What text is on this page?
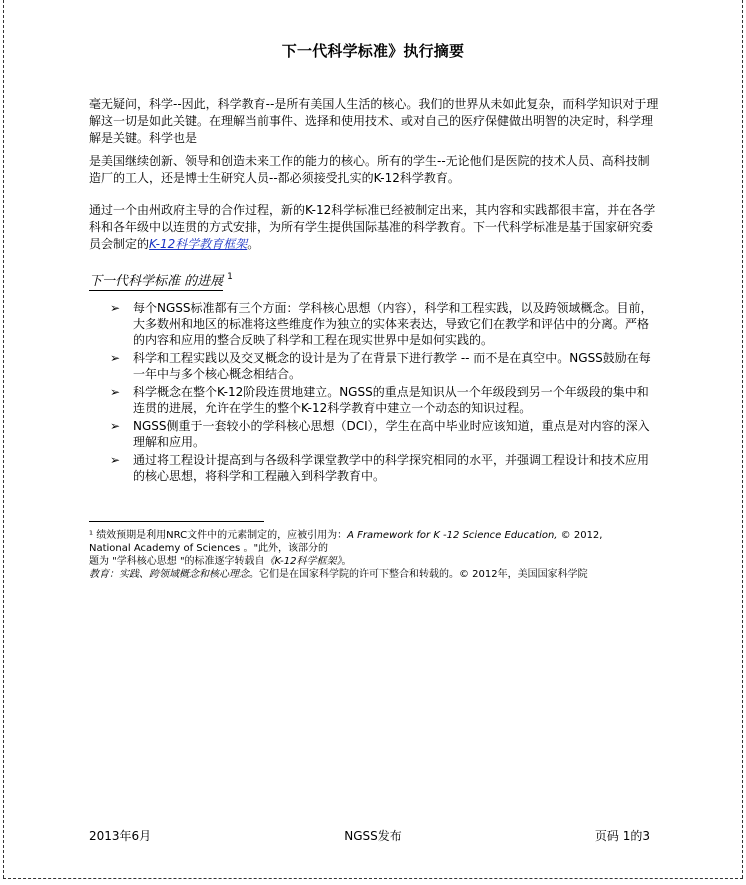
下一代科学标准》执行摘要
毫无疑问，科学--因此，科学教育--是所有美国人生活的核心。我们的世界从未如此复杂，而科学知识对于理解这一切是如此关键。在理解当前事件、选择和使用技术、或对自己的医疗保健做出明智的决定时，科学理解是关键。科学也是
是美国继续创新、领导和创造未来工作的能力的核心。所有的学生--无论他们是医院的技术人员、高科技制造厂的工人，还是博士生研究人员--都必须接受扎实的K-12科学教育。
通过一个由州政府主导的合作过程，新的K-12科学标准已经被制定出来，其内容和实践都很丰富，并在各学科和各年级中以连贯的方式安排，为所有学生提供国际基准的科学教育。下一代科学标准是基于国家研究委员会制定的K-12科学教育框架。
下一代科学标准 的进展 $^1$
➢ 每个NGSS标准都有三个方面：学科核心思想（内容），科学和工程实践，以及跨领域概念。目前，大多数州和地区的标准将这些维度作为独立的实体来表达，导致它们在教学和评估中的分离。严格的内容和应用的整合反映了科学和工程在现实世界中是如何实践的。
➢ 科学和工程实践以及交叉概念的设计是为了在背景下进行教学 -- 而不是在真空中。NGSS鼓励在每一年中与多个核心概念相结合。
➢ 科学概念在整个K-12阶段连贯地建立。NGSS的重点是知识从一个年级段到另一个年级段的集中和连贯的进展，允许在学生的整个K-12科学教育中建立一个动态的知识过程。
➢ NGSS侧重于一套较小的学科核心思想（DCI），学生在高中毕业时应该知道，重点是对内容的深入理解和应用。
➢ 通过将工程设计提高到与各级科学课堂教学中的科学探究相同的水平，并强调工程设计和技术应用的核心思想，将科学和工程融入到科学教育中。
¹ 绩效预期是利用NRC文件中的元素制定的，应被引用为：A Framework for K -12 Science Education, © 2012,
National Academy of Sciences 。"此外，该部分的
题为 "学科核心思想 "的标准逐字转载自《K-12科学框架》。
教育：实践、跨领域概念和核心理念。它们是在国家科学院的许可下整合和转载的。© 2012年，美国国家科学院
2013年6月	NGSS发布	页码 1的3
